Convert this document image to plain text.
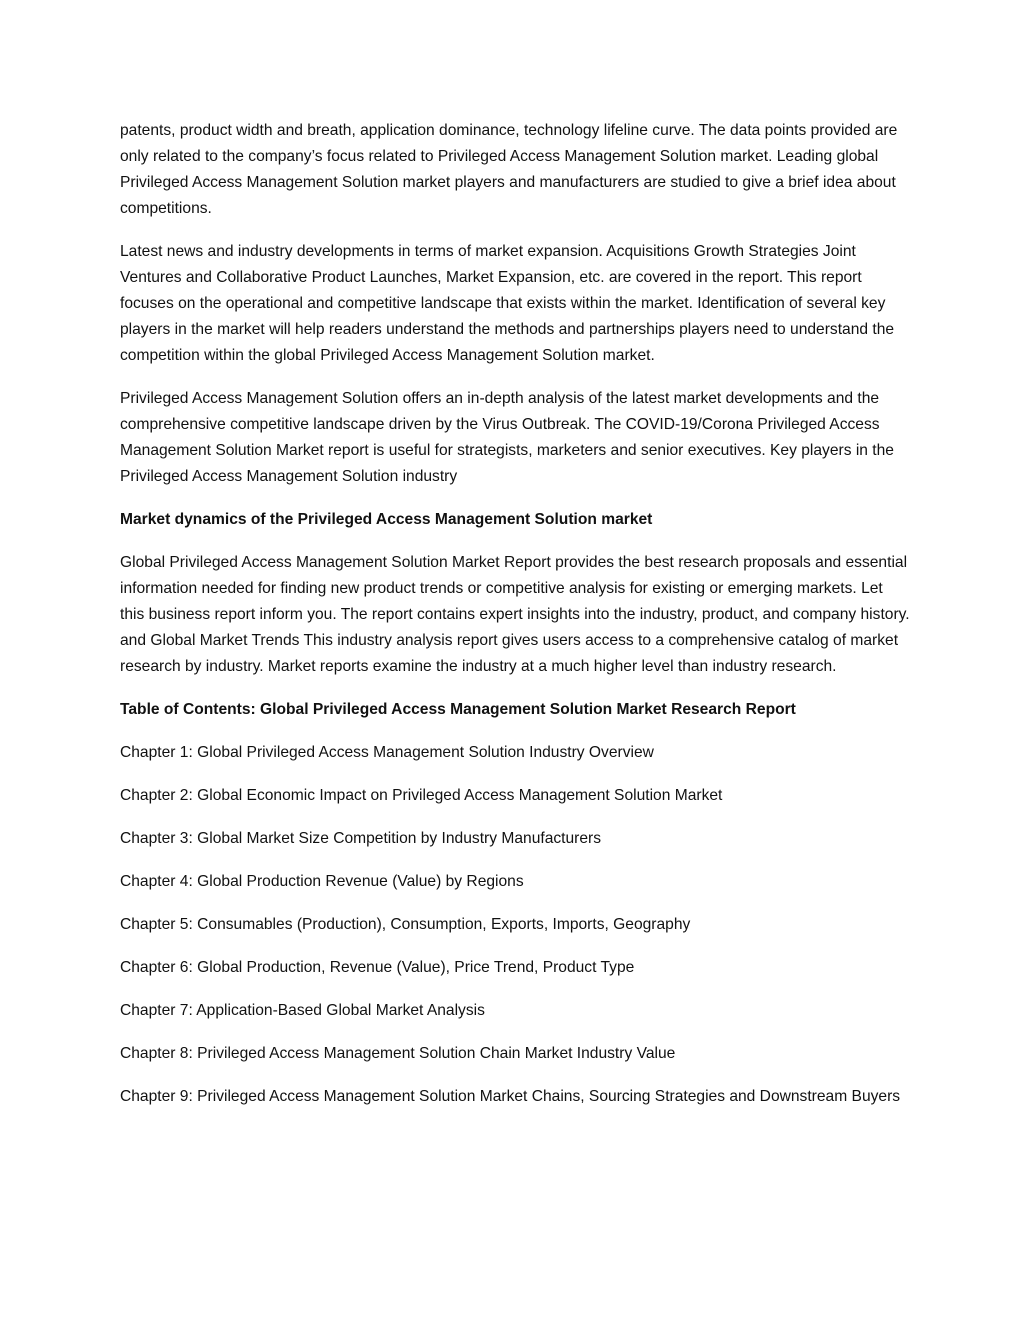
patents, product width and breath, application dominance, technology lifeline curve. The data points provided are only related to the company’s focus related to Privileged Access Management Solution market. Leading global Privileged Access Management Solution market players and manufacturers are studied to give a brief idea about competitions.

Latest news and industry developments in terms of market expansion. Acquisitions Growth Strategies Joint Ventures and Collaborative Product Launches, Market Expansion, etc. are covered in the report. This report focuses on the operational and competitive landscape that exists within the market. Identification of several key players in the market will help readers understand the methods and partnerships players need to understand the competition within the global Privileged Access Management Solution market.

Privileged Access Management Solution offers an in-depth analysis of the latest market developments and the comprehensive competitive landscape driven by the Virus Outbreak. The COVID-19/Corona Privileged Access Management Solution Market report is useful for strategists, marketers and senior executives. Key players in the Privileged Access Management Solution industry

Market dynamics of the Privileged Access Management Solution market

Global Privileged Access Management Solution Market Report provides the best research proposals and essential information needed for finding new product trends or competitive analysis for existing or emerging markets. Let this business report inform you. The report contains expert insights into the industry, product, and company history. and Global Market Trends This industry analysis report gives users access to a comprehensive catalog of market research by industry. Market reports examine the industry at a much higher level than industry research.

Table of Contents: Global Privileged Access Management Solution Market Research Report

Chapter 1: Global Privileged Access Management Solution Industry Overview

Chapter 2: Global Economic Impact on Privileged Access Management Solution Market

Chapter 3: Global Market Size Competition by Industry Manufacturers

Chapter 4: Global Production Revenue (Value) by Regions

Chapter 5: Consumables (Production), Consumption, Exports, Imports, Geography

Chapter 6: Global Production, Revenue (Value), Price Trend, Product Type

Chapter 7: Application-Based Global Market Analysis

Chapter 8: Privileged Access Management Solution Chain Market Industry Value

Chapter 9: Privileged Access Management Solution Market Chains, Sourcing Strategies and Downstream Buyers
